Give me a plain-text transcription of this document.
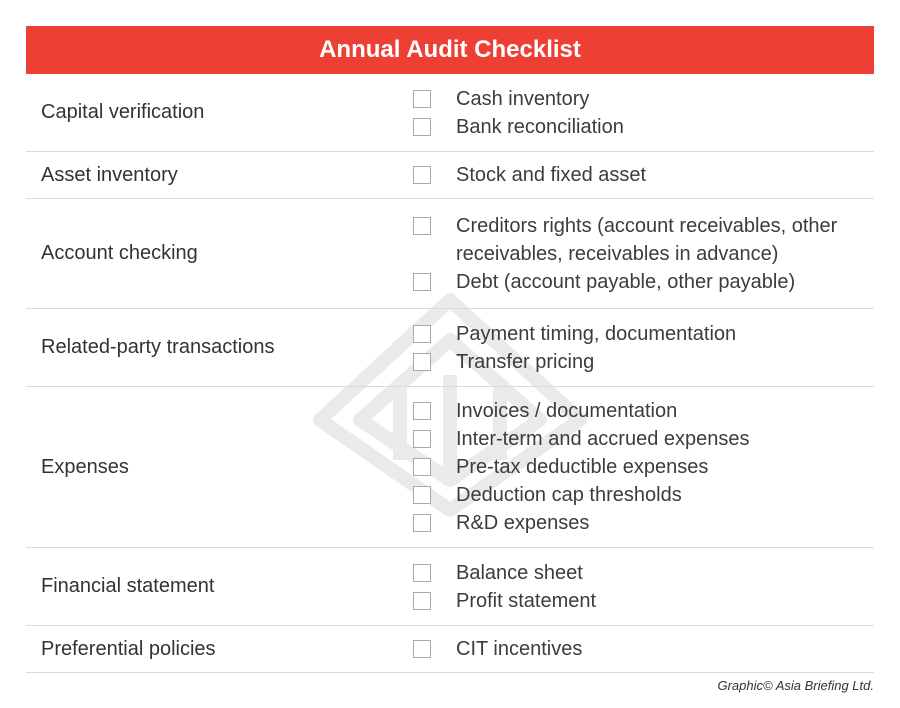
Annual Audit Checklist
Capital verification
Cash inventory
Bank reconciliation
Asset inventory	Stock and fixed asset
Account checking
Creditors rights (account receivables, other receivables, receivables in advance)
Debt (account payable, other payable)
Related-party transactions
Payment timing, documentation
Transfer pricing
Expenses
Invoices / documentation
Inter-term and accrued expenses
Pre-tax deductible expenses
Deduction cap thresholds
R&D expenses
Financial statement
Balance sheet
Profit statement
Preferential policies	CIT incentives
Graphic© Asia Briefing Ltd.
